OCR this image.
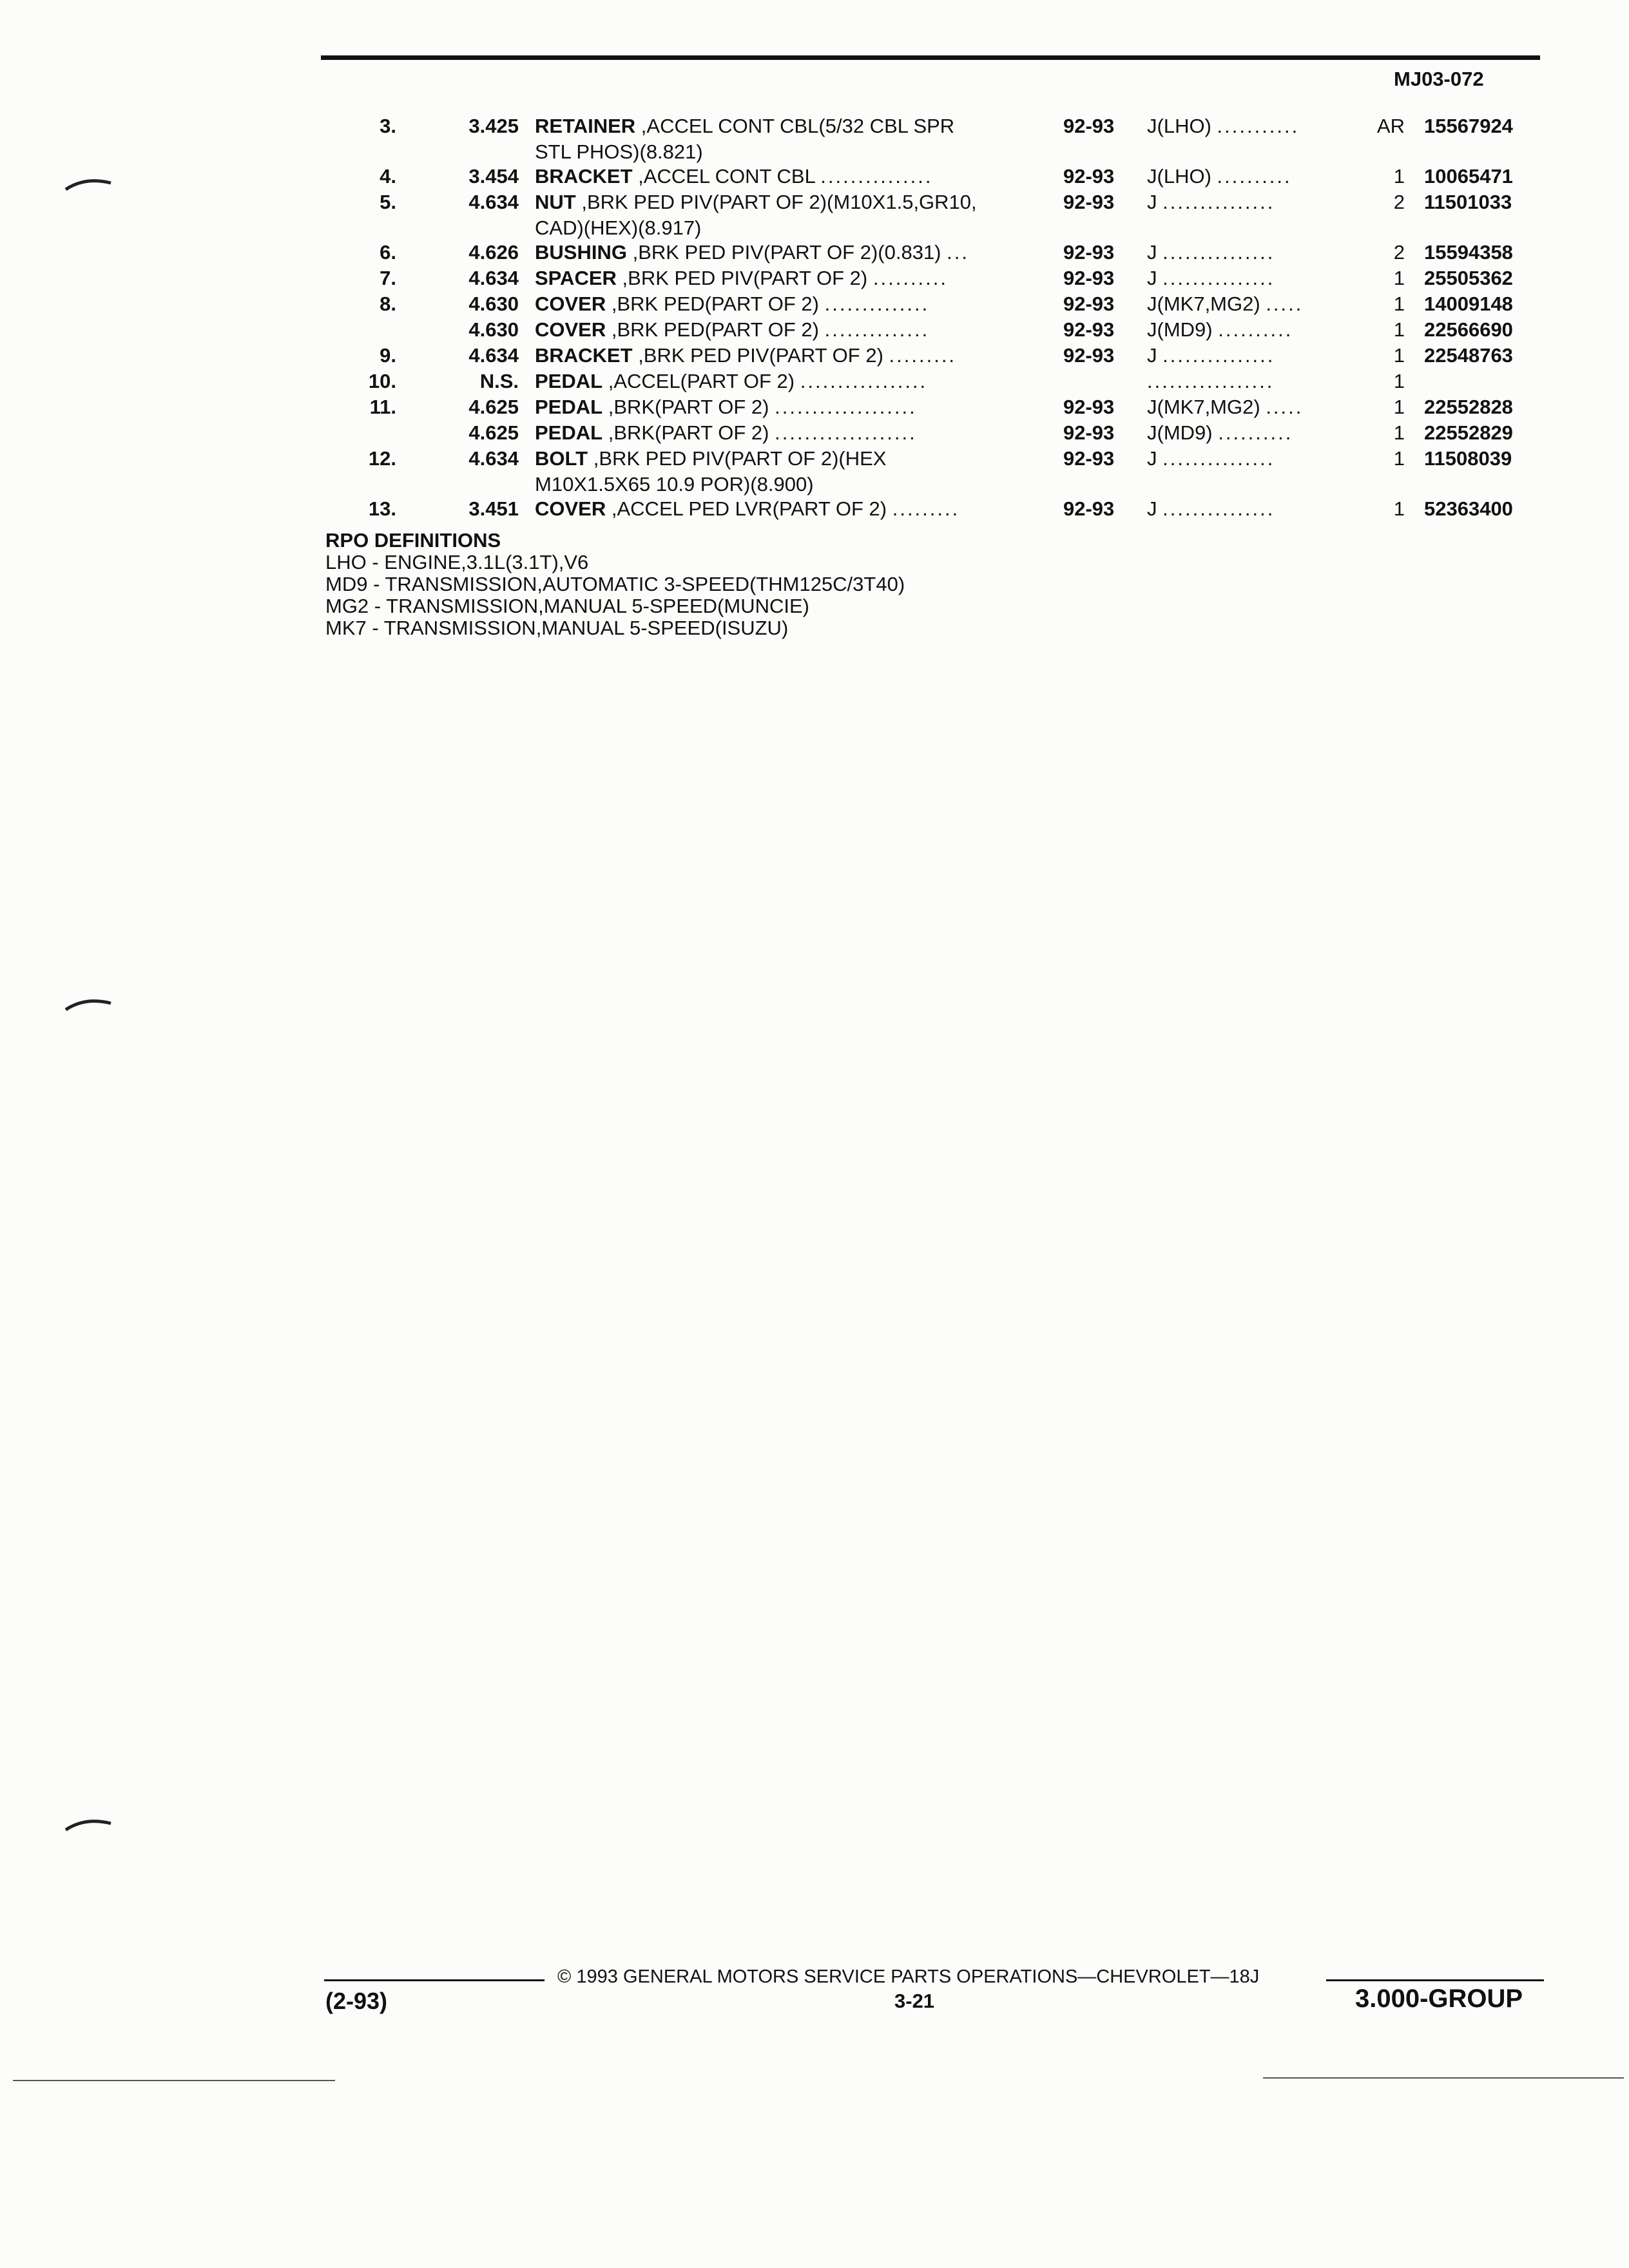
MJ03-072
3.	3.425 RETAINER ,ACCEL CONT CBL(5/32 CBL SPR	92-93 J(LHO) ...........	AR 15567924
STL PHOS)(8.821)
4.	3.454 BRACKET ,ACCEL CONT CBL ...............	92-93 J(LHO) ..........	1 10065471
5.	4.634 NUT ,BRK PED PIV(PART OF 2)(M10X1.5,GR10,	92-93 J ...............	2 11501033
CAD)(HEX)(8.917)
6.	4.626 BUSHING ,BRK PED PIV(PART OF 2)(0.831) ...	92-93 J ...............	2 15594358
7.	4.634 SPACER ,BRK PED PIV(PART OF 2) ..........	92-93 J ...............	1 25505362
8.	4.630 COVER ,BRK PED(PART OF 2) ..............	92-93 J(MK7,MG2) .....	1 14009148
4.630 COVER ,BRK PED(PART OF 2) ..............	92-93 J(MD9) ..........	1 22566690
9.	4.634 BRACKET ,BRK PED PIV(PART OF 2) .........	92-93 J ...............	1 22548763
10.	N.S. PEDAL ,ACCEL(PART OF 2) .................	.................	1
11.	4.625 PEDAL ,BRK(PART OF 2) ...................	92-93 J(MK7,MG2) .....	1 22552828
4.625 PEDAL ,BRK(PART OF 2) ...................	92-93 J(MD9) ..........	1 22552829
12.	4.634 BOLT ,BRK PED PIV(PART OF 2)(HEX	92-93 J ...............	1 11508039
M10X1.5X65 10.9 POR)(8.900)
13.	3.451 COVER ,ACCEL PED LVR(PART OF 2) .........	92-93 J ...............	1 52363400
RPO DEFINITIONS
LHO - ENGINE,3.1L(3.1T),V6
MD9 - TRANSMISSION,AUTOMATIC 3-SPEED(THM125C/3T40)
MG2 - TRANSMISSION,MANUAL 5-SPEED(MUNCIE)
MK7 - TRANSMISSION,MANUAL 5-SPEED(ISUZU)
© 1993 GENERAL MOTORS SERVICE PARTS OPERATIONS—CHEVROLET—18J
(2-93)	3-21	3.000-GROUP
